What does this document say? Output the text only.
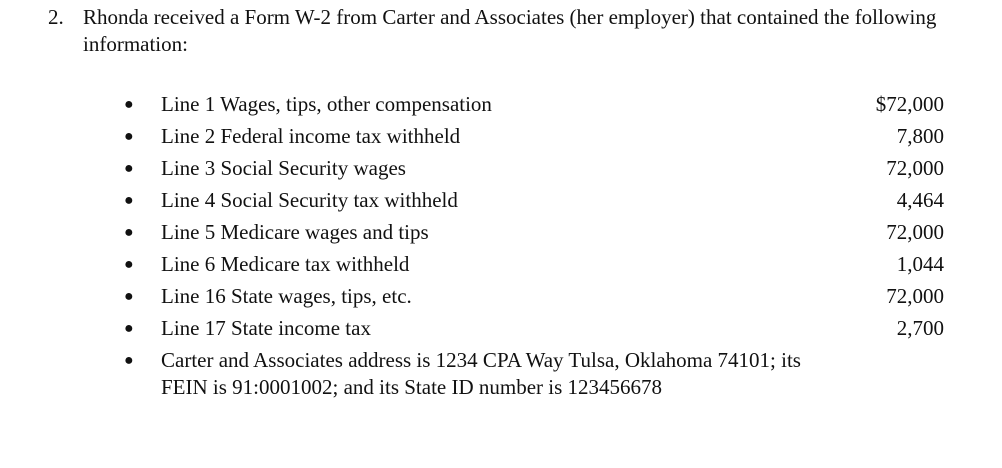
2. Rhonda received a Form W-2 from Carter and Associates (her employer) that contained the following information:
● Line 1 Wages, tips, other compensation	$72,000
● Line 2 Federal income tax withheld	7,800
● Line 3 Social Security wages	72,000
● Line 4 Social Security tax withheld	4,464
● Line 5 Medicare wages and tips	72,000
● Line 6 Medicare tax withheld	1,044
● Line 16 State wages, tips, etc.	72,000
● Line 17 State income tax	2,700
● Carter and Associates address is 1234 CPA Way Tulsa, Oklahoma 74101; its FEIN is 91:0001002; and its State ID number is 123456678
